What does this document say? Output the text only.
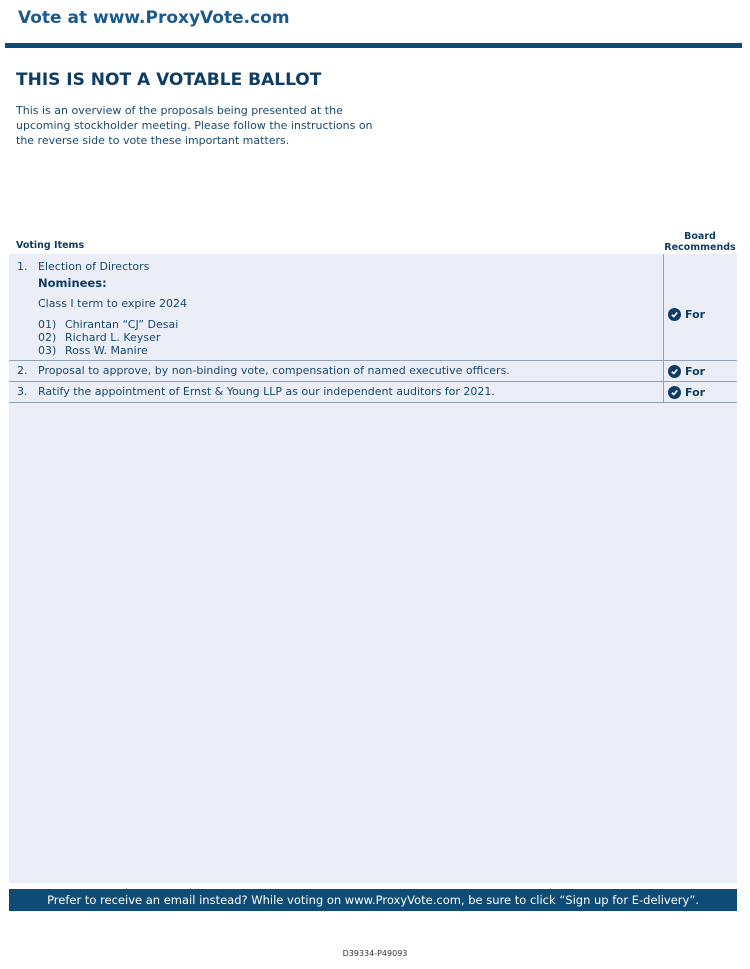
Vote at www.ProxyVote.com
THIS IS NOT A VOTABLE BALLOT
This is an overview of the proposals being presented at the
upcoming stockholder meeting. Please follow the instructions on
the reverse side to vote these important matters.
Voting Items
Board
Recommends
1. Election of Directors
Nominees:
Class I term to expire 2024
01) Chirantan “CJ” Desai
02) Richard L. Keyser
03) Ross W. Manire
For
2. Proposal to approve, by non-binding vote, compensation of named executive officers.	For
3. Ratify the appointment of Ernst & Young LLP as our independent auditors for 2021.	For
Prefer to receive an email instead? While voting on www.ProxyVote.com, be sure to click “Sign up for E-delivery”.
D39334-P49093
